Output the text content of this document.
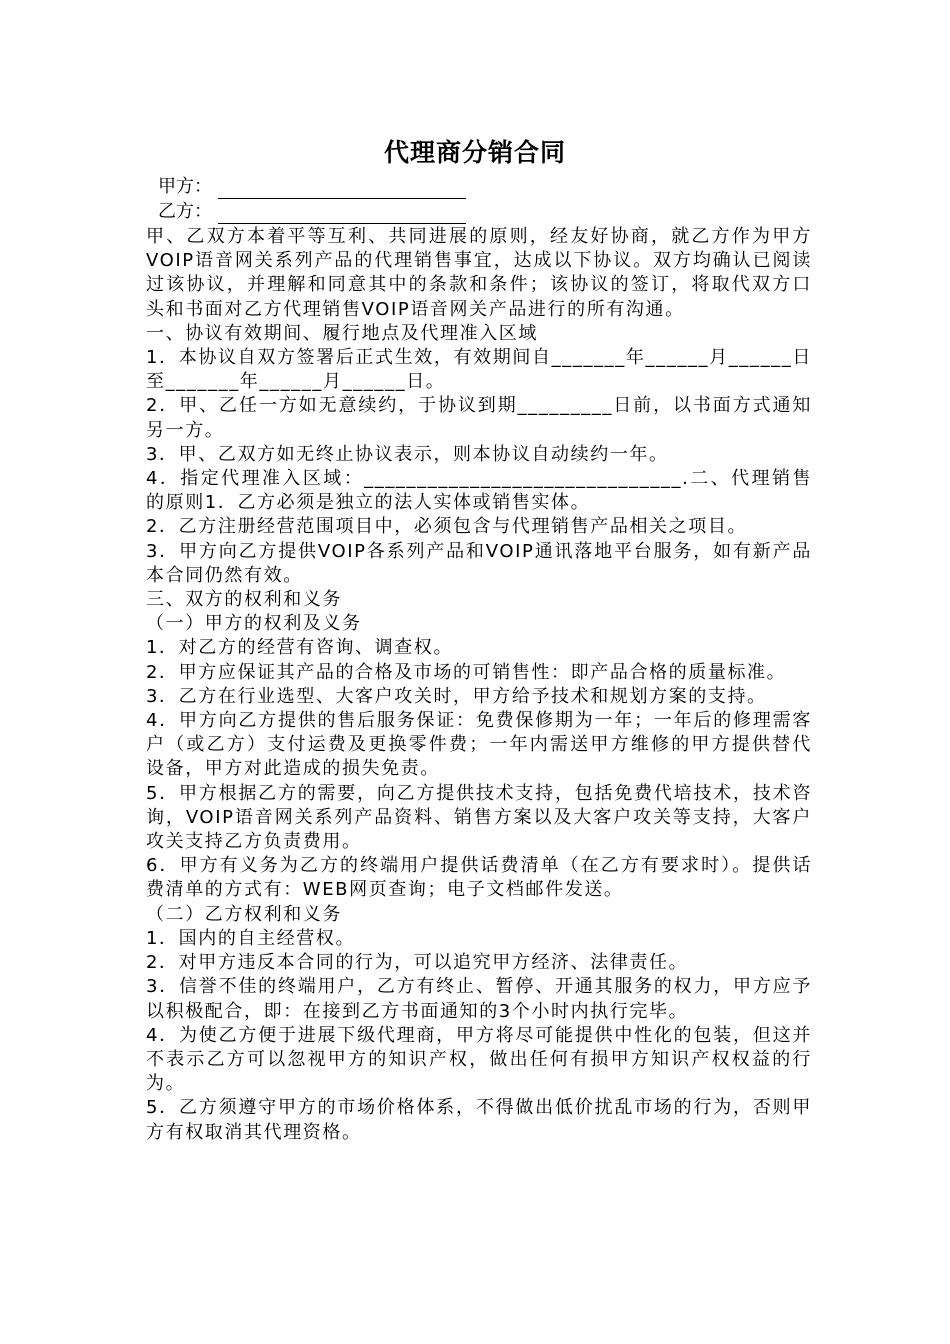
代理商分销合同
甲方：
乙方：

甲、乙双方本着平等互利、共同进展的原则，经友好协商，就乙方作为甲方VOIP语音网关系列产品的代理销售事宜，达成以下协议。双方均确认已阅读过该协议，并理解和同意其中的条款和条件；该协议的签订，将取代双方口头和书面对乙方代理销售VOIP语音网关产品进行的所有沟通。

一、协议有效期间、履行地点及代理准入区域

1．本协议自双方签署后正式生效，有效期间自_______年______月______日至_______年______月______日。

2．甲、乙任一方如无意续约，于协议到期_________日前，以书面方式通知另一方。

3．甲、乙双方如无终止协议表示，则本协议自动续约一年。

4．指定代理准入区域：______________________________.二、代理销售的原则1．乙方必须是独立的法人实体或销售实体。

2．乙方注册经营范围项目中，必须包含与代理销售产品相关之项目。

3．甲方向乙方提供VOIP各系列产品和VOIP通讯落地平台服务，如有新产品本合同仍然有效。

三、双方的权利和义务

（一）甲方的权利及义务

1．对乙方的经营有咨询、调查权。

2．甲方应保证其产品的合格及市场的可销售性：即产品合格的质量标准。

3．乙方在行业选型、大客户攻关时，甲方给予技术和规划方案的支持。

4．甲方向乙方提供的售后服务保证：免费保修期为一年；一年后的修理需客户（或乙方）支付运费及更换零件费；一年内需送甲方维修的甲方提供替代设备，甲方对此造成的损失免责。

5．甲方根据乙方的需要，向乙方提供技术支持，包括免费代培技术，技术咨询，VOIP语音网关系列产品资料、销售方案以及大客户攻关等支持，大客户攻关支持乙方负责费用。

6．甲方有义务为乙方的终端用户提供话费清单（在乙方有要求时）。提供话费清单的方式有：WEB网页查询；电子文档邮件发送。

（二）乙方权利和义务

1．国内的自主经营权。

2．对甲方违反本合同的行为，可以追究甲方经济、法律责任。

3．信誉不佳的终端用户，乙方有终止、暂停、开通其服务的权力，甲方应予以积极配合，即：在接到乙方书面通知的3个小时内执行完毕。

4．为使乙方便于进展下级代理商，甲方将尽可能提供中性化的包装，但这并不表示乙方可以忽视甲方的知识产权，做出任何有损甲方知识产权权益的行为。

5．乙方须遵守甲方的市场价格体系，不得做出低价扰乱市场的行为，否则甲方有权取消其代理资格。
